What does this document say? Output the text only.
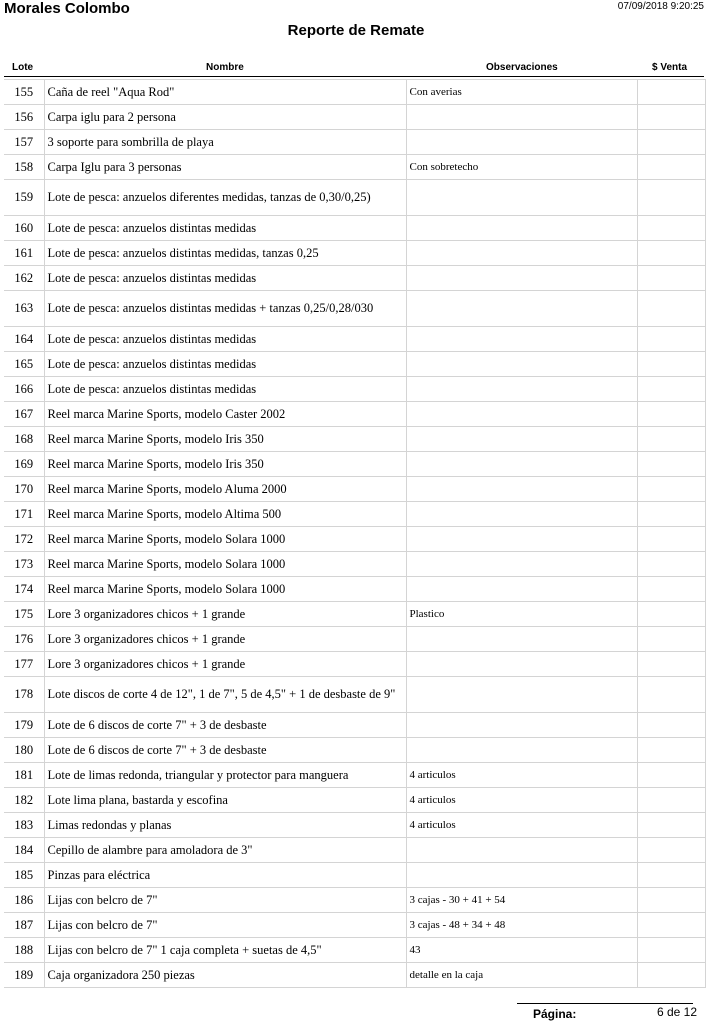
Morales Colombo	07/09/2018 9:20:25
Reporte de Remate
Lote	Nombre	Observaciones	$ Venta
155	Caña de reel "Aqua Rod"	Con averias	
156	Carpa iglu para 2 persona		
157	3 soporte para sombrilla de playa		
158	Carpa Iglu para 3 personas	Con sobretecho	
159	Lote de pesca: anzuelos diferentes medidas, tanzas de 0,30/0,25)		
160	Lote de pesca: anzuelos distintas medidas		
161	Lote de pesca: anzuelos distintas medidas, tanzas 0,25		
162	Lote de pesca: anzuelos distintas medidas		
163	Lote de pesca: anzuelos distintas medidas + tanzas 0,25/0,28/030		
164	Lote de pesca: anzuelos distintas medidas		
165	Lote de pesca: anzuelos distintas medidas		
166	Lote de pesca: anzuelos distintas medidas		
167	Reel marca Marine Sports, modelo Caster 2002		
168	Reel marca Marine Sports, modelo Iris 350		
169	Reel marca Marine Sports, modelo Iris 350		
170	Reel marca Marine Sports, modelo Aluma 2000		
171	Reel marca Marine Sports, modelo Altima 500		
172	Reel marca Marine Sports, modelo Solara 1000		
173	Reel marca Marine Sports, modelo Solara 1000		
174	Reel marca Marine Sports, modelo Solara 1000		
175	Lore 3 organizadores chicos + 1 grande	Plastico	
176	Lore 3 organizadores chicos + 1 grande		
177	Lore 3 organizadores chicos + 1 grande		
178	Lote discos de corte 4 de 12", 1 de 7", 5 de 4,5" + 1 de desbaste de 9"		
179	Lote de 6 discos de corte 7" + 3 de desbaste		
180	Lote de 6 discos de corte 7" + 3 de desbaste		
181	Lote de limas redonda, triangular y protector para manguera	4 articulos	
182	Lote lima plana, bastarda y escofina	4 articulos	
183	Limas redondas y planas	4 articulos	
184	Cepillo de alambre para amoladora de 3"		
185	Pinzas para eléctrica		
186	Lijas con belcro de 7"	3 cajas - 30 + 41 + 54	
187	Lijas con belcro de 7"	3 cajas - 48 + 34 + 48	
188	Lijas con belcro de 7" 1 caja completa + suetas de 4,5"	43	
189	Caja organizadora 250 piezas	detalle en la caja	
Página:	6 de 12
